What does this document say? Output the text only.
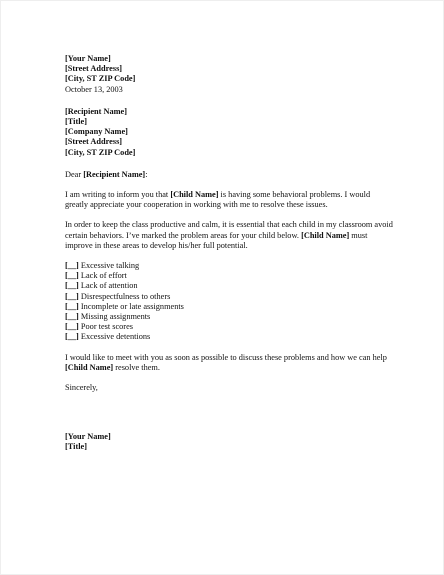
[Your Name]
[Street Address]
[City, ST ZIP Code]
October 13, 2003
[Recipient Name]
[Title]
[Company Name]
[Street Address]
[City, ST ZIP Code]
Dear [Recipient Name]:

I am writing to inform you that [Child Name] is having some behavioral problems. I would greatly appreciate your cooperation in working with me to resolve these issues.

In order to keep the class productive and calm, it is essential that each child in my classroom avoid certain behaviors. I’ve marked the problem areas for your child below. [Child Name] must improve in these areas to develop his/her full potential.

[__] Excessive talking
[__] Lack of effort
[__] Lack of attention
[__] Disrespectfulness to others
[__] Incomplete or late assignments
[__] Missing assignments
[__] Poor test scores
[__] Excessive detentions

I would like to meet with you as soon as possible to discuss these problems and how we can help [Child Name] resolve them.

Sincerely,
[Your Name]
[Title]
